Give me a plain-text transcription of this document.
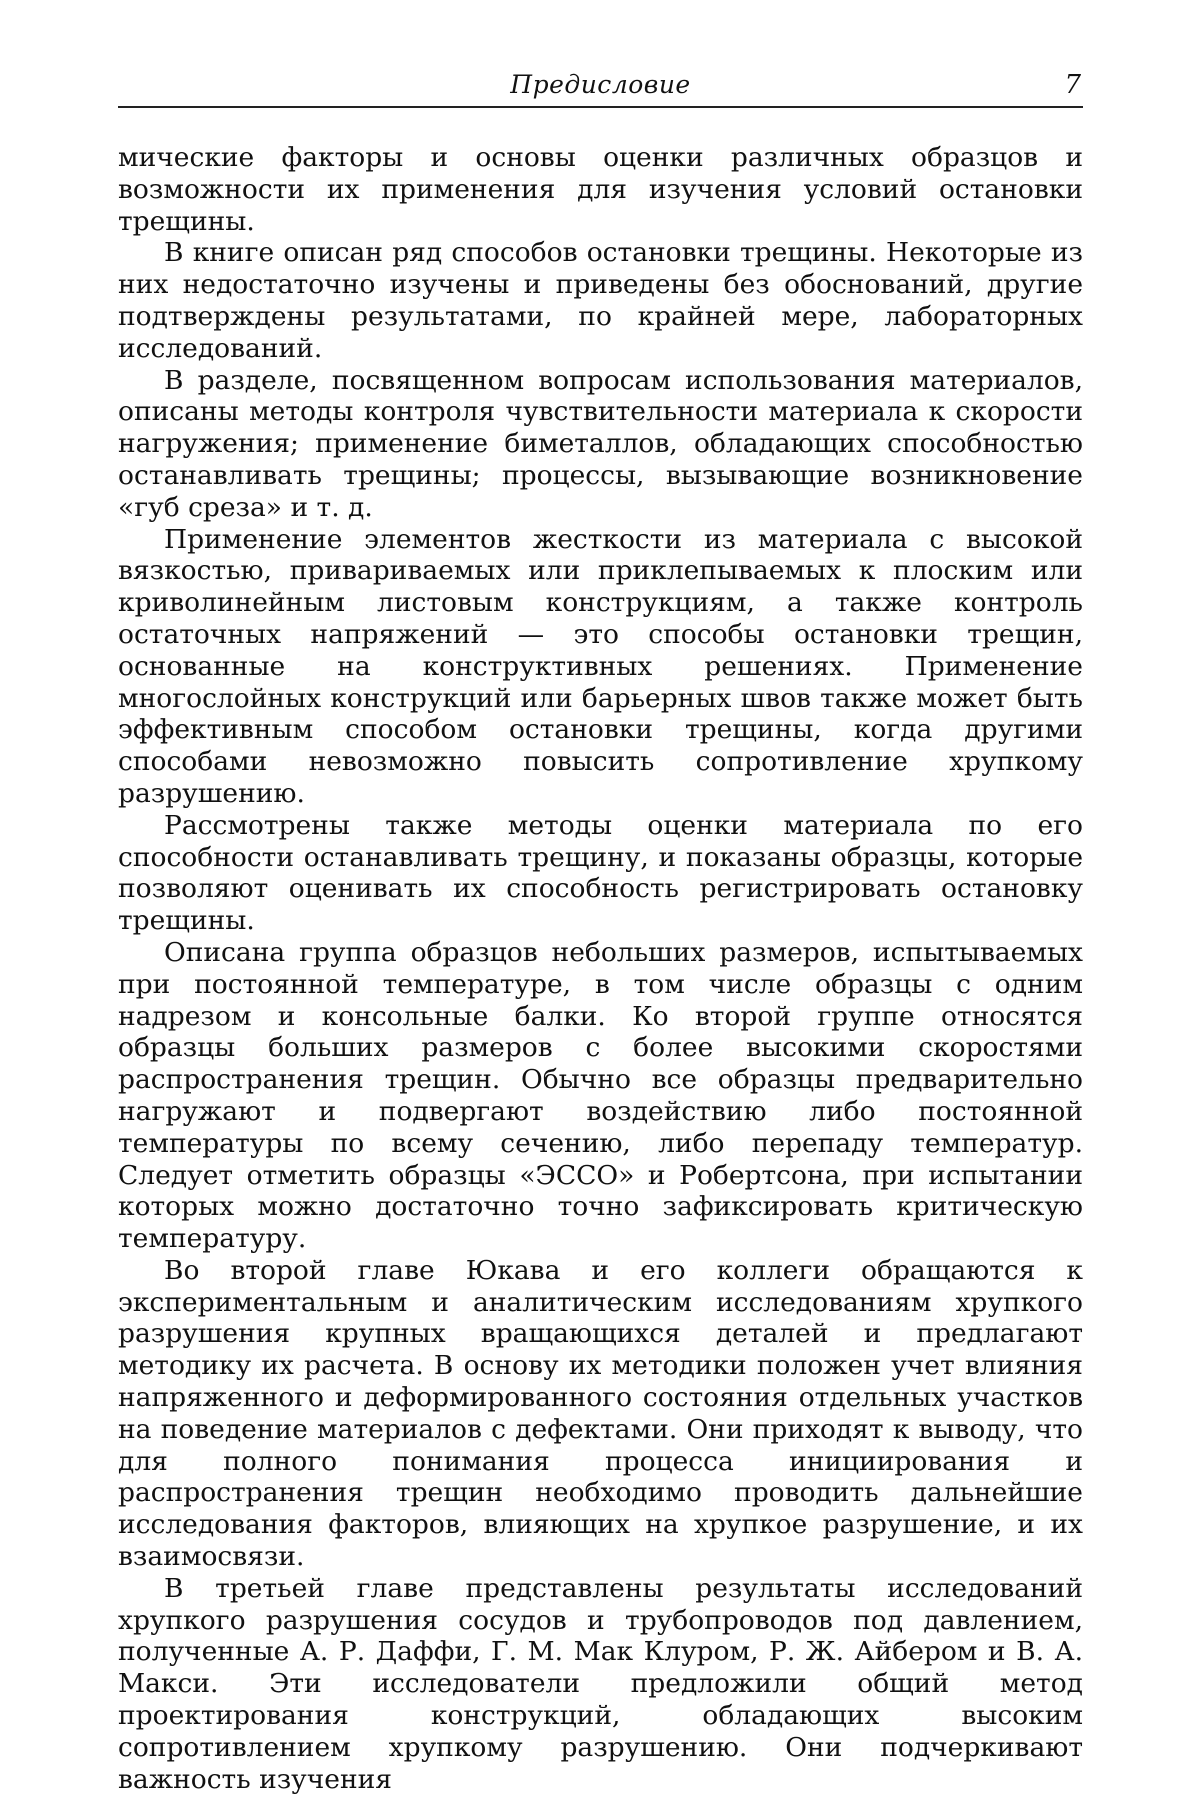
Предисловие	7

мические факторы и основы оценки различных образцов и возможности их применения для изучения условий остановки трещины.

В книге описан ряд способов остановки трещины. Некоторые из них недостаточно изучены и приведены без обоснований, другие подтверждены результатами, по крайней мере, лабораторных исследований.

В разделе, посвященном вопросам использования материалов, описаны методы контроля чувствительности материала к скорости нагружения; применение биметаллов, обладающих способностью останавливать трещины; процессы, вызывающие возникновение «губ среза» и т. д.

Применение элементов жесткости из материала с высокой вязкостью, привариваемых или приклепываемых к плоским или криволинейным листовым конструкциям, а также контроль остаточных напряжений — это способы остановки трещин, основанные на конструктивных решениях. Применение многослойных конструкций или барьерных швов также может быть эффективным способом остановки трещины, когда другими способами невозможно повысить сопротивление хрупкому разрушению.

Рассмотрены также методы оценки материала по его способности останавливать трещину, и показаны образцы, которые позволяют оценивать их способность регистрировать остановку трещины.

Описана группа образцов небольших размеров, испытываемых при постоянной температуре, в том числе образцы с одним надрезом и консольные балки. Ко второй группе относятся образцы больших размеров с более высокими скоростями распространения трещин. Обычно все образцы предварительно нагружают и подвергают воздействию либо постоянной температуры по всему сечению, либо перепаду температур. Следует отметить образцы «ЭССО» и Робертсона, при испытании которых можно достаточно точно зафиксировать критическую температуру.

Во второй главе Юкава и его коллеги обращаются к экспериментальным и аналитическим исследованиям хрупкого разрушения крупных вращающихся деталей и предлагают методику их расчета. В основу их методики положен учет влияния напряженного и деформированного состояния отдельных участков на поведение материалов с дефектами. Они приходят к выводу, что для полного понимания процесса инициирования и распространения трещин необходимо проводить дальнейшие исследования факторов, влияющих на хрупкое разрушение, и их взаимосвязи.

В третьей главе представлены результаты исследований хрупкого разрушения сосудов и трубопроводов под давлением, полученные А. Р. Даффи, Г. М. Мак Клуром, Р. Ж. Айбером и В. А. Макси. Эти исследователи предложили общий метод проектирования конструкций, обладающих высоким сопротивлением хрупкому разрушению. Они подчеркивают важность изучения
